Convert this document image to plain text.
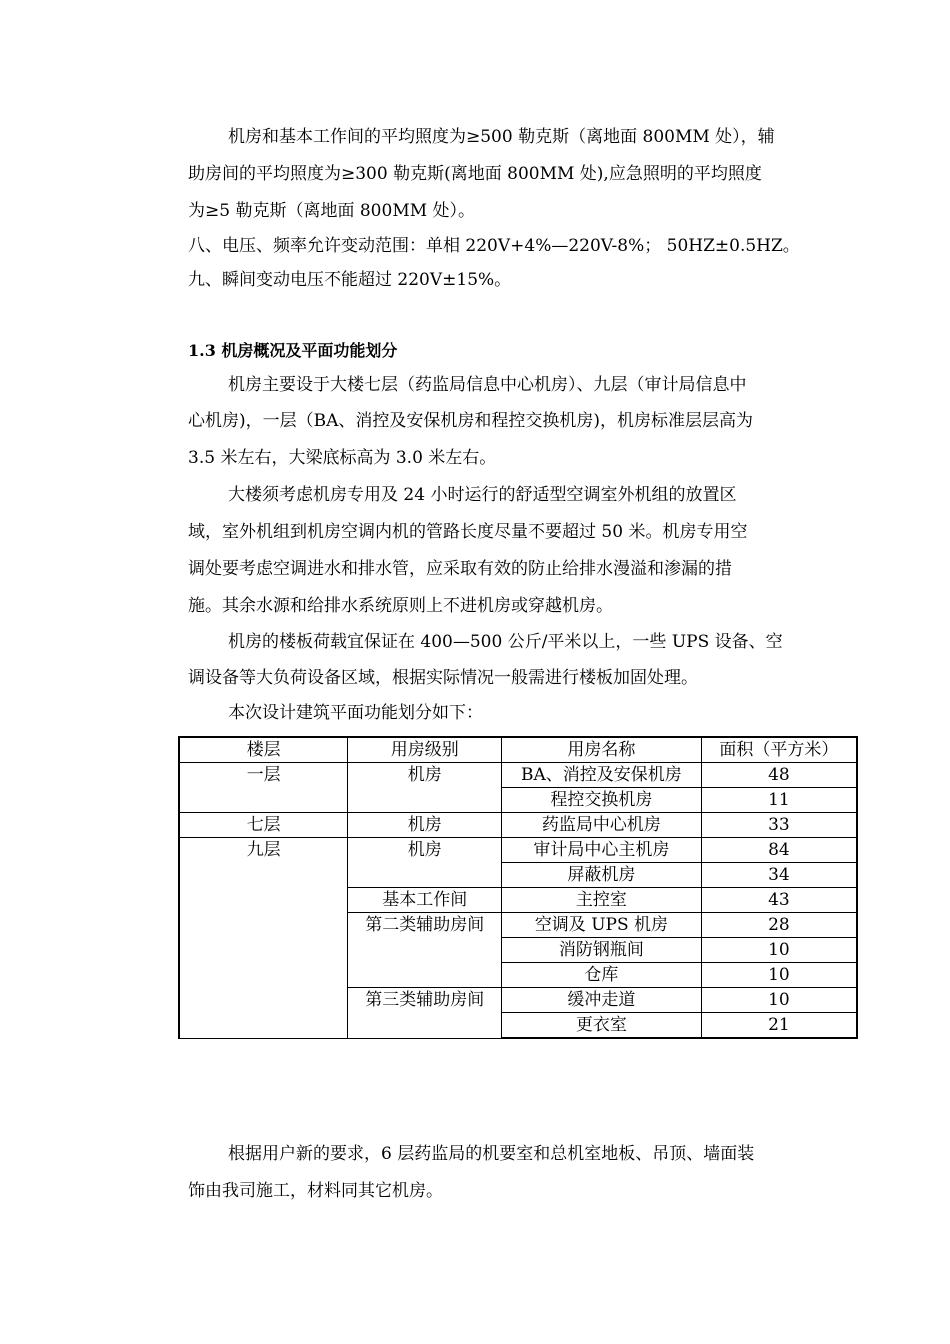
机房和基本工作间的平均照度为≥500 勒克斯（离地面 800MM 处），辅
助房间的平均照度为≥300 勒克斯(离地面 800MM 处),应急照明的平均照度
为≥5 勒克斯（离地面 800MM 处）。
八、电压、频率允许变动范围：单相 220V+4%—220V-8%； 50HZ±0.5HZ。
九、瞬间变动电压不能超过 220V±15%。
1.3 机房概况及平面功能划分
机房主要设于大楼七层（药监局信息中心机房）、九层（审计局信息中
心机房)，一层（BA、消控及安保机房和程控交换机房)，机房标准层层高为
3.5 米左右，大梁底标高为 3.0 米左右。
大楼须考虑机房专用及 24 小时运行的舒适型空调室外机组的放置区
域，室外机组到机房空调内机的管路长度尽量不要超过 50 米。机房专用空
调处要考虑空调进水和排水管，应采取有效的防止给排水漫溢和渗漏的措
施。其余水源和给排水系统原则上不进机房或穿越机房。
机房的楼板荷载宜保证在 400—500 公斤/平米以上，一些 UPS 设备、空
调设备等大负荷设备区域，根据实际情况一般需进行楼板加固处理。
本次设计建筑平面功能划分如下：
楼层	用房级别	用房名称	面积（平方米）
一层	机房	BA、消控及安保机房	48
		程控交换机房	11
七层	机房	药监局中心机房	33
九层	机房	审计局中心主机房	84
		屏蔽机房	34
	基本工作间	主控室	43
	第二类辅助房间	空调及 UPS 机房	28
		消防钢瓶间	10
		仓库	10
	第三类辅助房间	缓冲走道	10
		更衣室	21
根据用户新的要求，6 层药监局的机要室和总机室地板、吊顶、墙面装
饰由我司施工，材料同其它机房。
